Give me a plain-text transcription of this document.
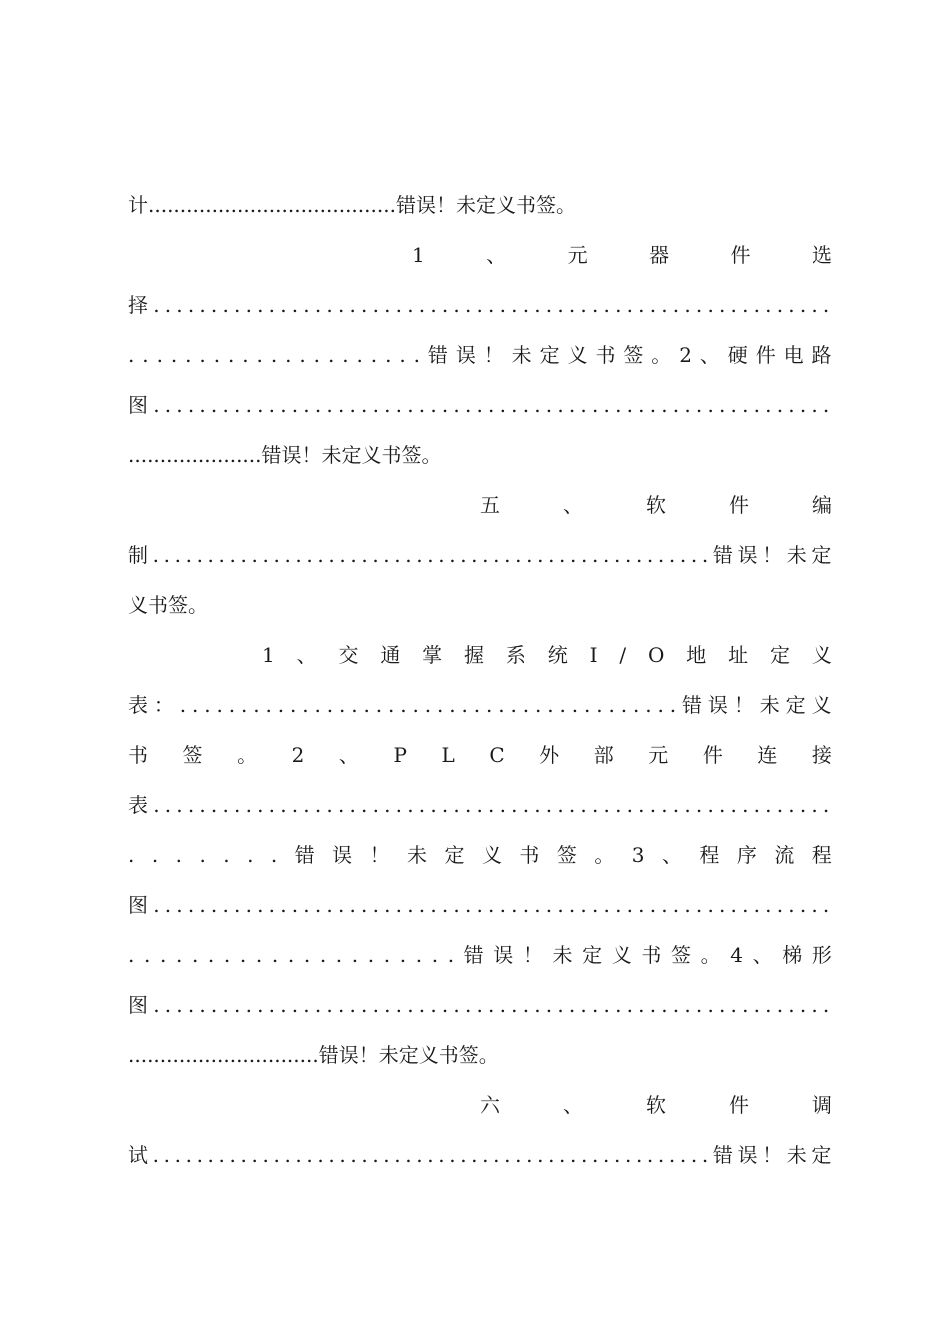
计.......................................错误！未定义书签。
1	、	元	器	件	选
择 . . . . . . . . . . . . . . . . . . . . . . . . . . . . . . . . . . . . . . . . . . . . . . . . . . . . . . . . . . .
. . . . . . . . . . . . . . . . . . . . . 错 误 ！ 未 定 义 书 签 。 2 、 硬 件 电 路
图 . . . . . . . . . . . . . . . . . . . . . . . . . . . . . . . . . . . . . . . . . . . . . . . . . . . . . . . . . . .
.....................错误！未定义书签。
五	、	软	件	编
制 . . . . . . . . . . . . . . . . . . . . . . . . . . . . . . . . . . . . . . . . . . . . . . . . . . . 错 误 ！ 未 定
义书签。
1 、 交 通 掌 握 系 统 I / O 地 址 定 义
表 ： . . . . . . . . . . . . . . . . . . . . . . . . . . . . . . . . . . . . . . . . . 错 误 ！ 未 定 义
书 签 。 2 、 P L C 外 部 元 件 连 接
表 . . . . . . . . . . . . . . . . . . . . . . . . . . . . . . . . . . . . . . . . . . . . . . . . . . . . . . . . . . .
. . . . . . . 错 误 ！ 未 定 义 书 签 。 3 、 程 序 流 程
图 . . . . . . . . . . . . . . . . . . . . . . . . . . . . . . . . . . . . . . . . . . . . . . . . . . . . . . . . . . .
. . . . . . . . . . . . . . . . . . . . . 错 误 ！ 未 定 义 书 签 。 4 、 梯 形
图 . . . . . . . . . . . . . . . . . . . . . . . . . . . . . . . . . . . . . . . . . . . . . . . . . . . . . . . . . . .
..............................错误！未定义书签。
六	、	软	件	调
试 . . . . . . . . . . . . . . . . . . . . . . . . . . . . . . . . . . . . . . . . . . . . . . . . . . . 错 误 ！ 未 定
